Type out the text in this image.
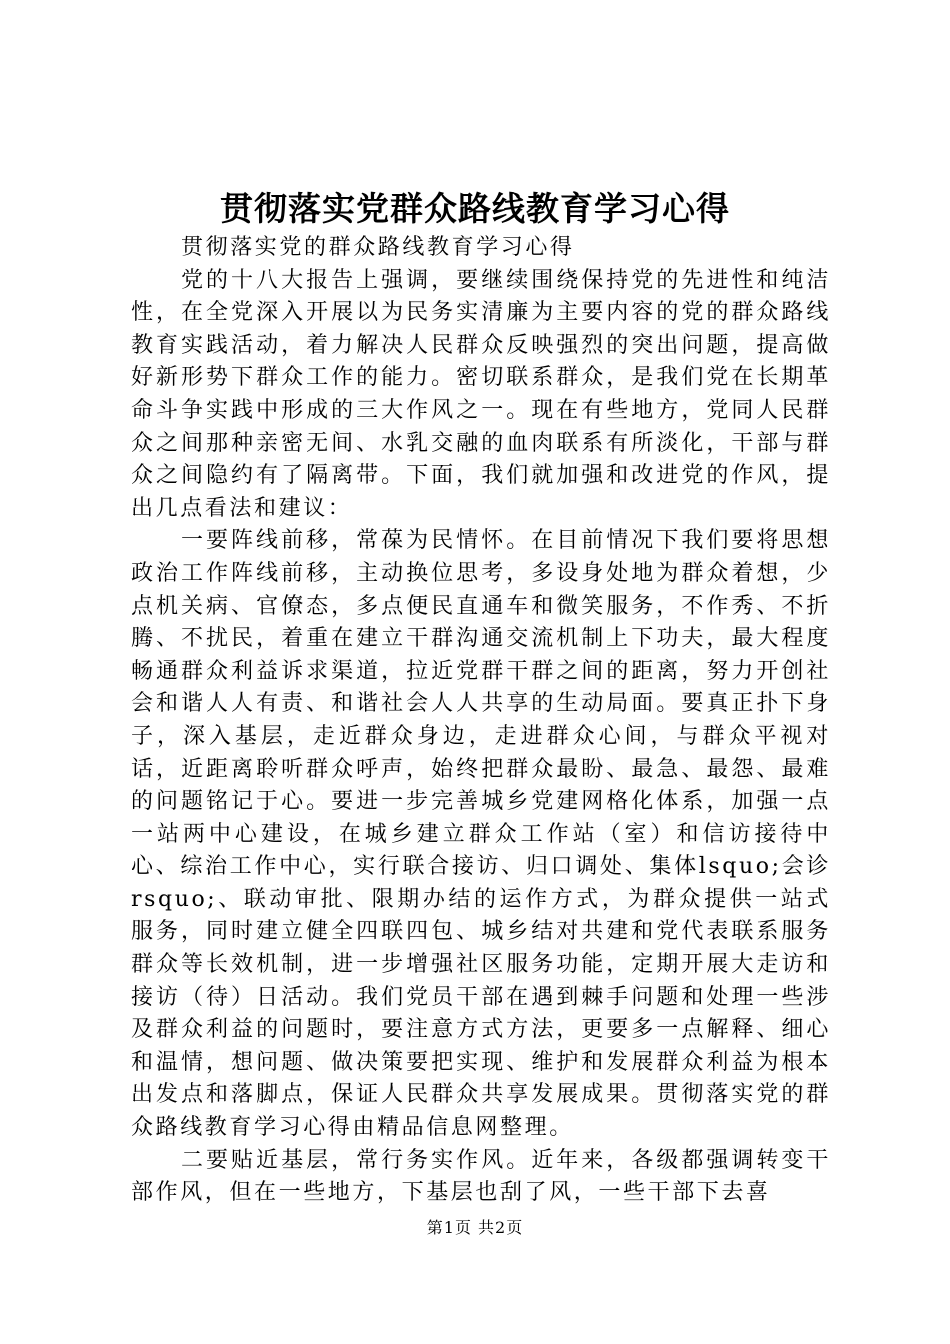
贯彻落实党群众路线教育学习心得

贯彻落实党的群众路线教育学习心得

党的十八大报告上强调，要继续围绕保持党的先进性和纯洁性，在全党深入开展以为民务实清廉为主要内容的党的群众路线教育实践活动，着力解决人民群众反映强烈的突出问题，提高做好新形势下群众工作的能力。密切联系群众，是我们党在长期革命斗争实践中形成的三大作风之一。现在有些地方，党同人民群众之间那种亲密无间、水乳交融的血肉联系有所淡化，干部与群众之间隐约有了隔离带。下面，我们就加强和改进党的作风，提出几点看法和建议：

一要阵线前移，常葆为民情怀。在目前情况下我们要将思想政治工作阵线前移，主动换位思考，多设身处地为群众着想，少点机关病、官僚态，多点便民直通车和微笑服务，不作秀、不折腾、不扰民，着重在建立干群沟通交流机制上下功夫，最大程度畅通群众利益诉求渠道，拉近党群干群之间的距离，努力开创社会和谐人人有责、和谐社会人人共享的生动局面。要真正扑下身子，深入基层，走近群众身边，走进群众心间，与群众平视对话，近距离聆听群众呼声，始终把群众最盼、最急、最怨、最难的问题铭记于心。要进一步完善城乡党建网格化体系，加强一点一站两中心建设，在城乡建立群众工作站（室）和信访接待中心、综治工作中心，实行联合接访、归口调处、集体lsquo;会诊rsquo;、联动审批、限期办结的运作方式，为群众提供一站式服务，同时建立健全四联四包、城乡结对共建和党代表联系服务群众等长效机制，进一步增强社区服务功能，定期开展大走访和接访（待）日活动。我们党员干部在遇到棘手问题和处理一些涉及群众利益的问题时，要注意方式方法，更要多一点解释、细心和温情，想问题、做决策要把实现、维护和发展群众利益为根本出发点和落脚点，保证人民群众共享发展成果。贯彻落实党的群众路线教育学习心得由精品信息网整理。

二要贴近基层，常行务实作风。近年来，各级都强调转变干部作风，但在一些地方，下基层也刮了风，一些干部下去喜

第1页 共2页
